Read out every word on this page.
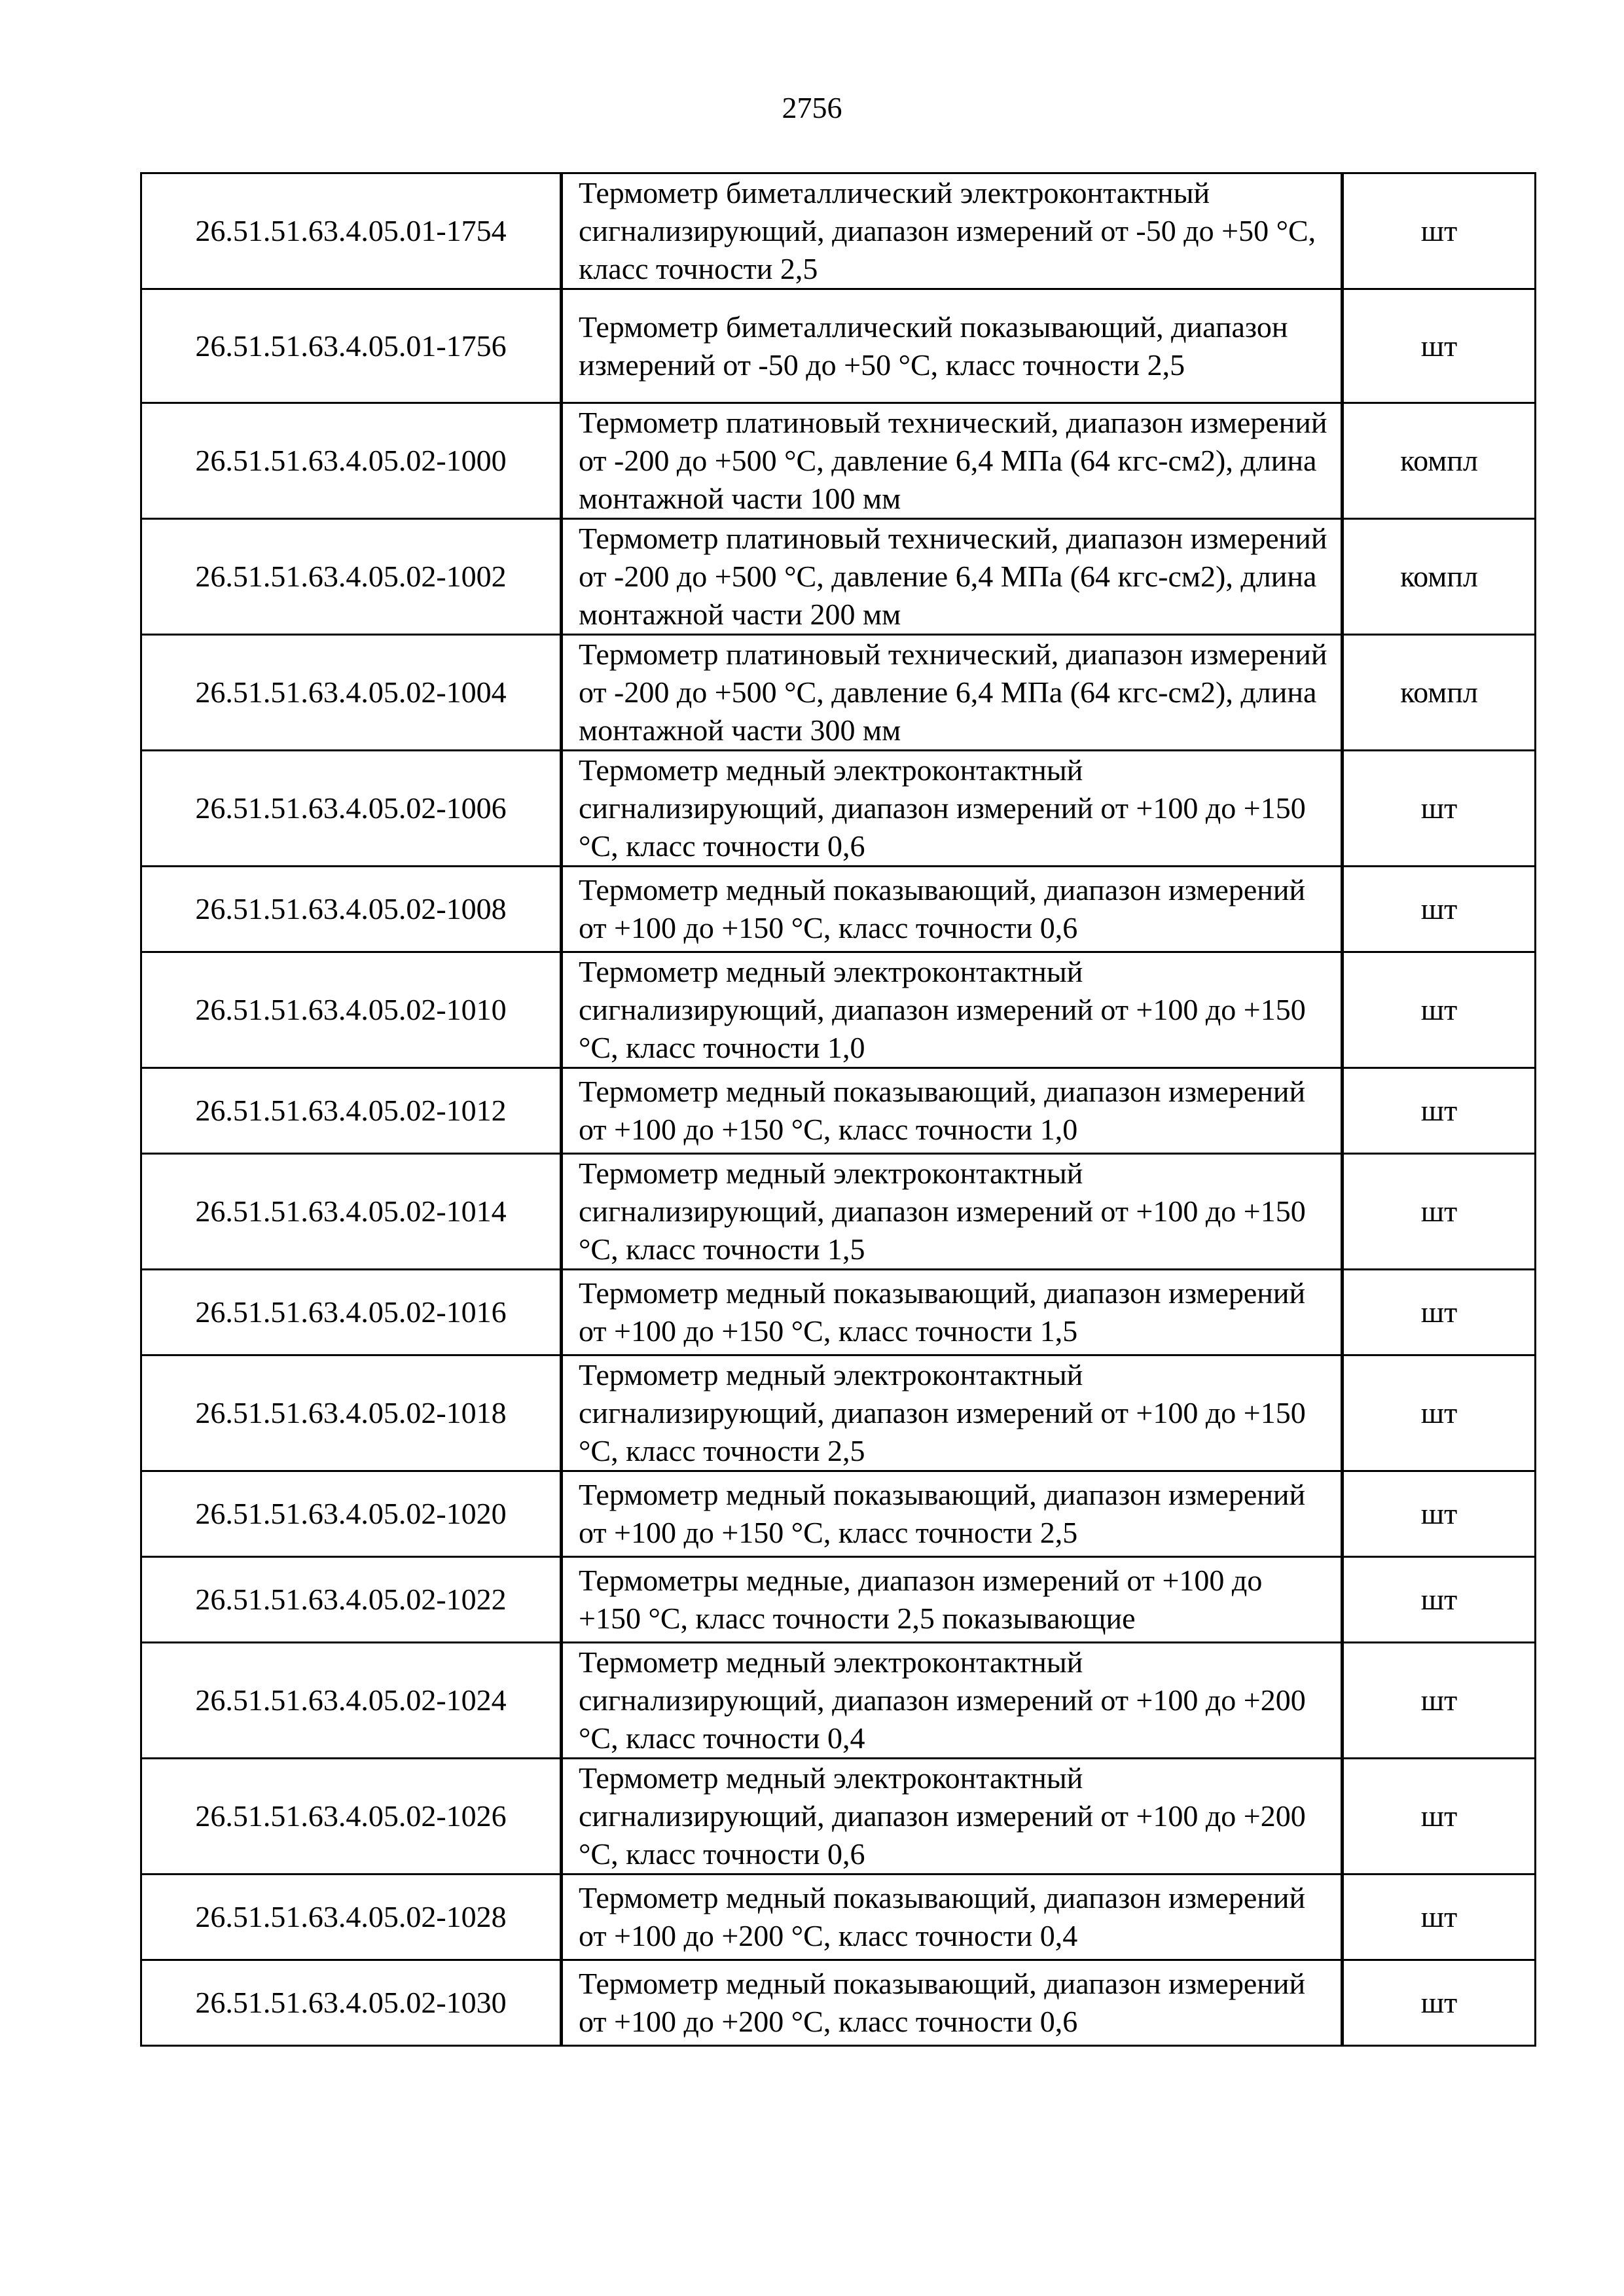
2756
26.51.51.63.4.05.01-1754	Термометр биметаллический электроконтактный сигнализирующий, диапазон измерений от -50 до +50 °С, класс точности 2,5	шт
26.51.51.63.4.05.01-1756	Термометр биметаллический показывающий, диапазон измерений от -50 до +50 °С, класс точности 2,5	шт
26.51.51.63.4.05.02-1000	Термометр платиновый технический, диапазон измерений от -200 до +500 °С, давление 6,4 МПа (64 кгс-см2), длина монтажной части 100 мм	компл
26.51.51.63.4.05.02-1002	Термометр платиновый технический, диапазон измерений от -200 до +500 °С, давление 6,4 МПа (64 кгс-см2), длина монтажной части 200 мм	компл
26.51.51.63.4.05.02-1004	Термометр платиновый технический, диапазон измерений от -200 до +500 °С, давление 6,4 МПа (64 кгс-см2), длина монтажной части 300 мм	компл
26.51.51.63.4.05.02-1006	Термометр медный электроконтактный сигнализирующий, диапазон измерений от +100 до +150 °С, класс точности 0,6	шт
26.51.51.63.4.05.02-1008	Термометр медный показывающий, диапазон измерений от +100 до +150 °С, класс точности 0,6	шт
26.51.51.63.4.05.02-1010	Термометр медный электроконтактный сигнализирующий, диапазон измерений от +100 до +150 °С, класс точности 1,0	шт
26.51.51.63.4.05.02-1012	Термометр медный показывающий, диапазон измерений от +100 до +150 °С, класс точности 1,0	шт
26.51.51.63.4.05.02-1014	Термометр медный электроконтактный сигнализирующий, диапазон измерений от +100 до +150 °С, класс точности 1,5	шт
26.51.51.63.4.05.02-1016	Термометр медный показывающий, диапазон измерений от +100 до +150 °С, класс точности 1,5	шт
26.51.51.63.4.05.02-1018	Термометр медный электроконтактный сигнализирующий, диапазон измерений от +100 до +150 °С, класс точности 2,5	шт
26.51.51.63.4.05.02-1020	Термометр медный показывающий, диапазон измерений от +100 до +150 °С, класс точности 2,5	шт
26.51.51.63.4.05.02-1022	Термометры медные, диапазон измерений от +100 до +150 °С, класс точности 2,5 показывающие	шт
26.51.51.63.4.05.02-1024	Термометр медный электроконтактный сигнализирующий, диапазон измерений от +100 до +200 °С, класс точности 0,4	шт
26.51.51.63.4.05.02-1026	Термометр медный электроконтактный сигнализирующий, диапазон измерений от +100 до +200 °С, класс точности 0,6	шт
26.51.51.63.4.05.02-1028	Термометр медный показывающий, диапазон измерений от +100 до +200 °С, класс точности 0,4	шт
26.51.51.63.4.05.02-1030	Термометр медный показывающий, диапазон измерений от +100 до +200 °С, класс точности 0,6	шт
